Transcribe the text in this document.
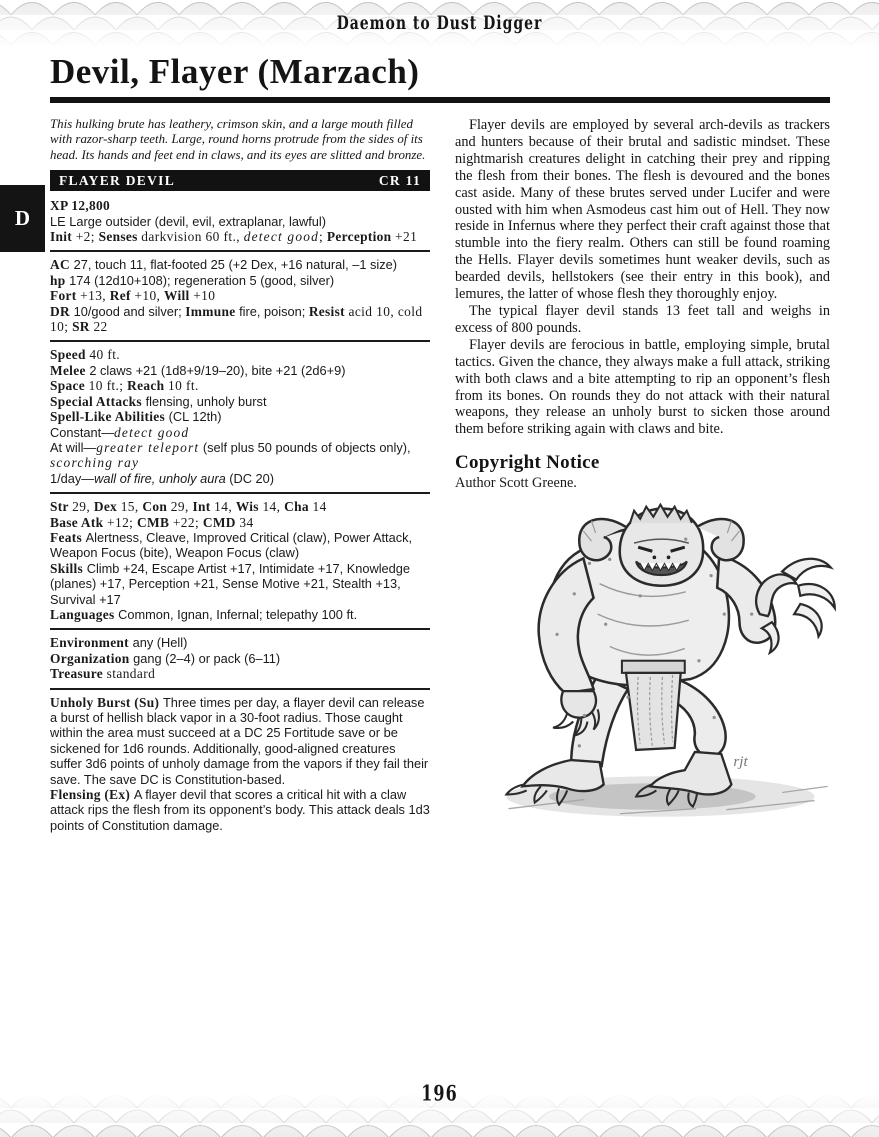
Daemon to Dust Digger
Devil, Flayer (Marzach)
D

This hulking brute has leathery, crimson skin, and a large mouth filled with razor-sharp teeth. Large, round horns protrude from the sides of its head. Its hands and feet end in claws, and its eyes are slitted and bronze.

FLAYER DEVIL	CR 11
XP 12,800
LE Large outsider (devil, evil, extraplanar, lawful)
Init +2; Senses darkvision 60 ft., detect good; Perception +21
AC 27, touch 11, flat-footed 25 (+2 Dex, +16 natural, –1 size)
hp 174 (12d10+108); regeneration 5 (good, silver)
Fort +13, Ref +10, Will +10
DR 10/good and silver; Immune fire, poison; Resist acid 10, cold 10; SR 22
Speed 40 ft.
Melee 2 claws +21 (1d8+9/19–20), bite +21 (2d6+9)
Space 10 ft.; Reach 10 ft.
Special Attacks flensing, unholy burst
Spell-Like Abilities (CL 12th)
Constant—detect good
At will—greater teleport (self plus 50 pounds of objects only), scorching ray
1/day—wall of fire, unholy aura (DC 20)
Str 29, Dex 15, Con 29, Int 14, Wis 14, Cha 14
Base Atk +12; CMB +22; CMD 34
Feats Alertness, Cleave, Improved Critical (claw), Power Attack, Weapon Focus (bite), Weapon Focus (claw)
Skills Climb +24, Escape Artist +17, Intimidate +17, Knowledge (planes) +17, Perception +21, Sense Motive +21, Stealth +13, Survival +17
Languages Common, Ignan, Infernal; telepathy 100 ft.
Environment any (Hell)
Organization gang (2–4) or pack (6–11)
Treasure standard
Unholy Burst (Su) Three times per day, a flayer devil can release a burst of hellish black vapor in a 30-foot radius. Those caught within the area must succeed at a DC 25 Fortitude save or be sickened for 1d6 rounds. Additionally, good-aligned creatures suffer 3d6 points of unholy damage from the vapors if they fail their save. The save DC is Constitution-based.
Flensing (Ex) A flayer devil that scores a critical hit with a claw attack rips the flesh from its opponent’s body. This attack deals 1d3 points of Constitution damage.

Flayer devils are employed by several arch-devils as trackers and hunters because of their brutal and sadistic mindset. These nightmarish creatures delight in catching their prey and ripping the flesh from their bones. The flesh is devoured and the bones cast aside. Many of these brutes served under Lucifer and were ousted with him when Asmodeus cast him out of Hell. They now reside in Infernus where they perfect their craft against those that stumble into the fiery realm. Others can still be found roaming the Hells. Flayer devils sometimes hunt weaker devils, such as bearded devils, hellstokers (see their entry in this book), and lemures, the latter of whose flesh they thoroughly enjoy.

The typical flayer devil stands 13 feet tall and weighs in excess of 800 pounds.

Flayer devils are ferocious in battle, employing simple, brutal tactics. Given the chance, they always make a full attack, striking with both claws and a bite attempting to rip an opponent’s flesh from its bones. On rounds they do not attack with their natural weapons, they release an unholy burst to sicken those around them before striking again with claws and bite.

Copyright Notice

Author Scott Greene.

rjt
196
